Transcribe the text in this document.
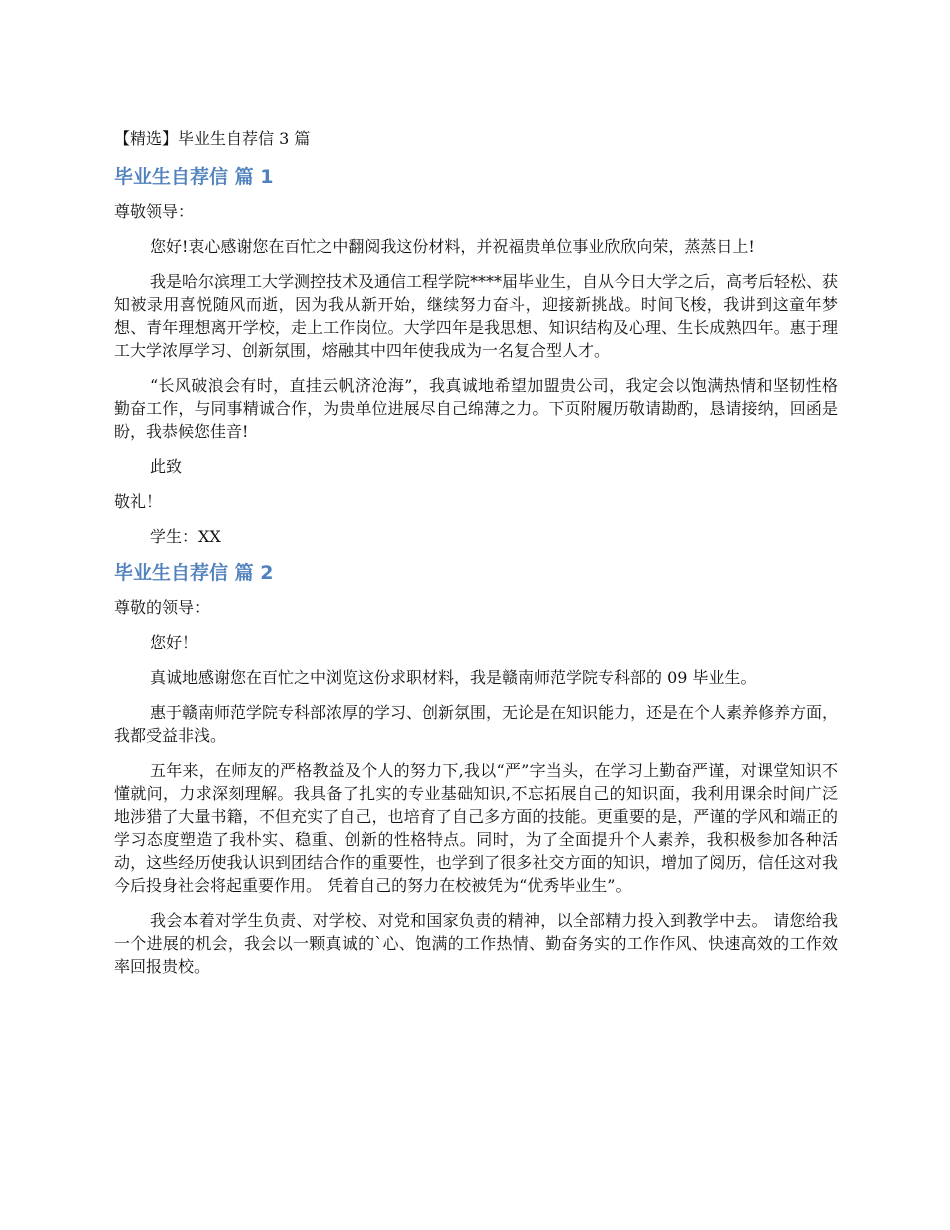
【精选】毕业生自荐信 3 篇
毕业生自荐信 篇 1
尊敬领导：
您好!衷心感谢您在百忙之中翻阅我这份材料，并祝福贵单位事业欣欣向荣，蒸蒸日上!
我是哈尔滨理工大学测控技术及通信工程学院****届毕业生，自从今日大学之后，高考后轻松、获知被录用喜悦随风而逝，因为我从新开始，继续努力奋斗，迎接新挑战。时间飞梭，我讲到这童年梦想、青年理想离开学校，走上工作岗位。大学四年是我思想、知识结构及心理、生长成熟四年。惠于理工大学浓厚学习、创新氛围，熔融其中四年使我成为一名复合型人才。
“长风破浪会有时，直挂云帆济沧海”，我真诚地希望加盟贵公司，我定会以饱满热情和坚韧性格勤奋工作，与同事精诚合作，为贵单位进展尽自己绵薄之力。下页附履历敬请勘酌，恳请接纳，回函是盼，我恭候您佳音!
此致
敬礼！
学生：XX
毕业生自荐信 篇 2
尊敬的领导：
您好！
真诚地感谢您在百忙之中浏览这份求职材料，我是赣南师范学院专科部的 09 毕业生。
惠于赣南师范学院专科部浓厚的学习、创新氛围，无论是在知识能力，还是在个人素养修养方面，我都受益非浅。
五年来，在师友的严格教益及个人的努力下,我以“严”字当头，在学习上勤奋严谨，对课堂知识不懂就问，力求深刻理解。我具备了扎实的专业基础知识,不忘拓展自己的知识面，我利用课余时间广泛地涉猎了大量书籍，不但充实了自己，也培育了自己多方面的技能。更重要的是，严谨的学风和端正的学习态度塑造了我朴实、稳重、创新的性格特点。同时，为了全面提升个人素养，我积极参加各种活动，这些经历使我认识到团结合作的重要性，也学到了很多社交方面的知识，增加了阅历，信任这对我今后投身社会将起重要作用。 凭着自己的努力在校被凭为“优秀毕业生”。
我会本着对学生负责、对学校、对党和国家负责的精神，以全部精力投入到教学中去。 请您给我一个进展的机会，我会以一颗真诚的`心、饱满的工作热情、勤奋务实的工作作风、快速高效的工作效率回报贵校。
